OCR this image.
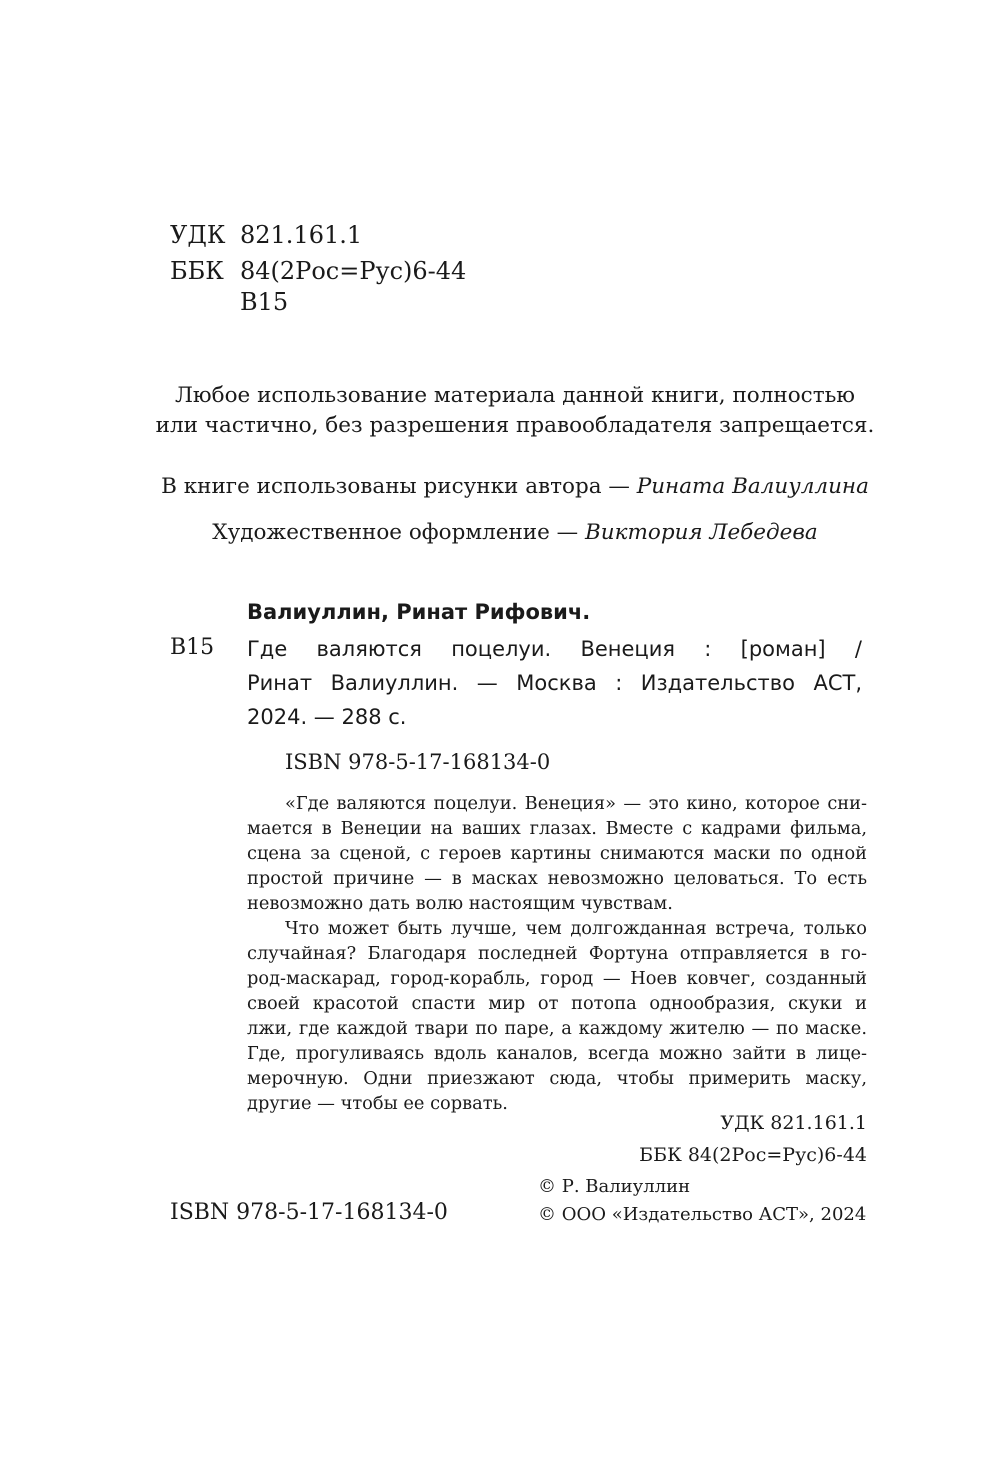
УДК 821.161.1
ББК 84(2Рос=Рус)6-44
В15
Любое использование материала данной книги, полностью
или частично, без разрешения правообладателя запрещается.
В книге использованы рисунки автора — Рината Валиуллина
Художественное оформление — Виктория Лебедева
Валиуллин, Ринат Рифович.
В15 Где валяются поцелуи. Венеция : [роман] /
Ринат Валиуллин. — Москва : Издательство АСТ,
2024. — 288 с.
ISBN 978-5-17-168134-0
«Где валяются поцелуи. Венеция» — это кино, которое сни-
мается в Венеции на ваших глазах. Вместе с кадрами фильма,
сцена за сценой, с героев картины снимаются маски по одной
простой причине — в масках невозможно целоваться. То есть
невозможно дать волю настоящим чувствам.
Что может быть лучше, чем долгожданная встреча, только
случайная? Благодаря последней Фортуна отправляется в го-
род-маскарад, город-корабль, город — Ноев ковчег, созданный
своей красотой спасти мир от потопа однообразия, скуки и
лжи, где каждой твари по паре, а каждому жителю — по маске.
Где, прогуливаясь вдоль каналов, всегда можно зайти в лице-
мерочную. Одни приезжают сюда, чтобы примерить маску,
другие — чтобы ее сорвать.
УДК 821.161.1
ББК 84(2Рос=Рус)6-44
© Р. Валиуллин
© ООО «Издательство АСТ», 2024
ISBN 978-5-17-168134-0
